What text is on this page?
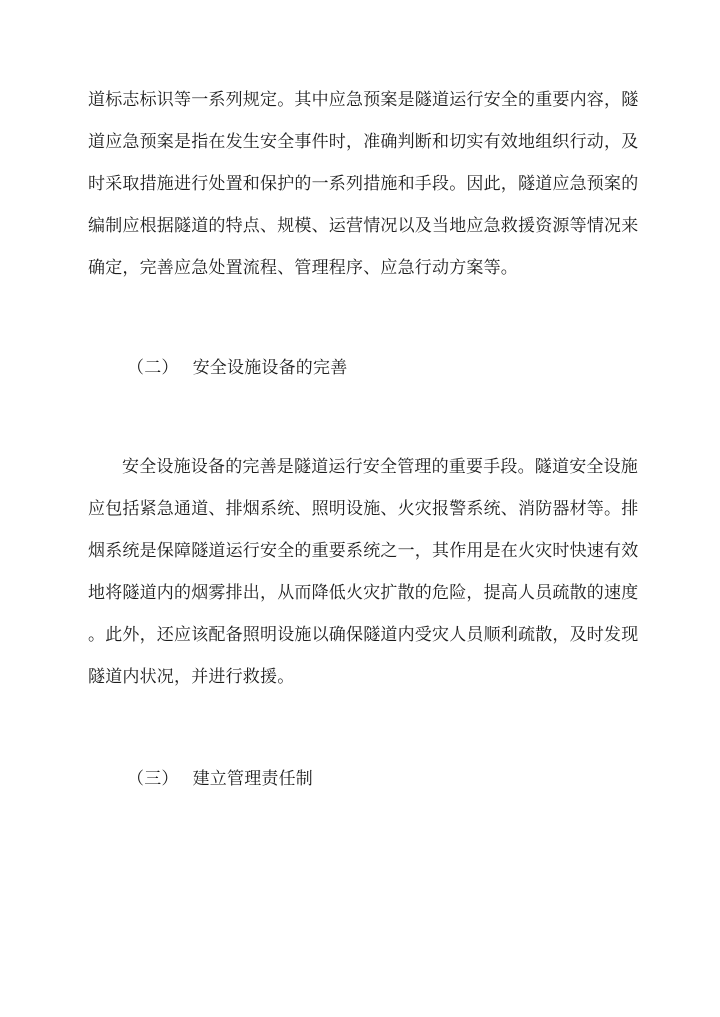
道标志标识等一系列规定。其中应急预案是隧道运行安全的重要内容，隧
道应急预案是指在发生安全事件时，准确判断和切实有效地组织行动，及
时采取措施进行处置和保护的一系列措施和手段。因此，隧道应急预案的
编制应根据隧道的特点、规模、运营情况以及当地应急救援资源等情况来
确定，完善应急处置流程、管理程序、应急行动方案等。
（二） 安全设施设备的完善
安全设施设备的完善是隧道运行安全管理的重要手段。隧道安全设施
应包括紧急通道、排烟系统、照明设施、火灾报警系统、消防器材等。排
烟系统是保障隧道运行安全的重要系统之一，其作用是在火灾时快速有效
地将隧道内的烟雾排出，从而降低火灾扩散的危险，提高人员疏散的速度
。此外，还应该配备照明设施以确保隧道内受灾人员顺利疏散，及时发现
隧道内状况，并进行救援。
（三） 建立管理责任制
